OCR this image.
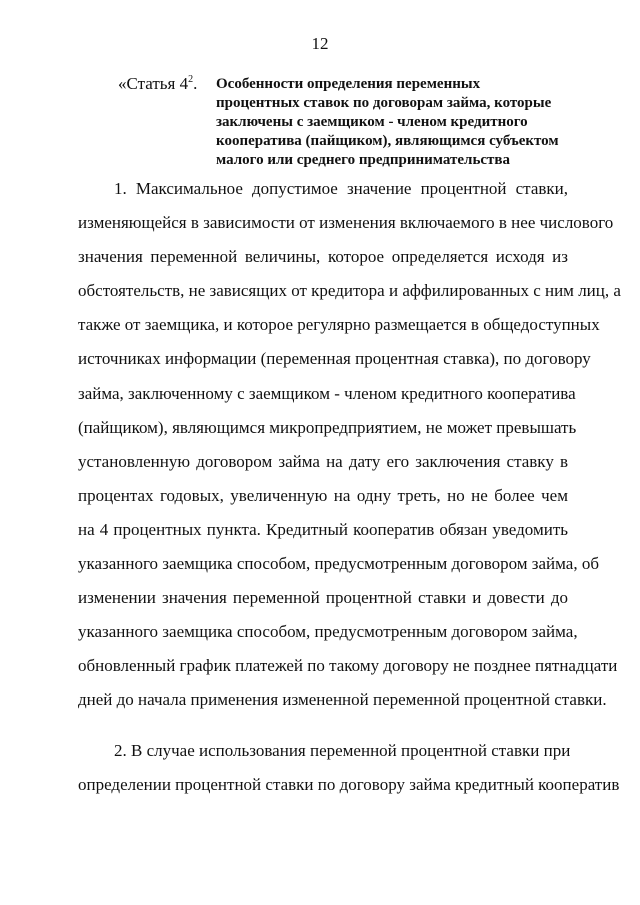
12
«Статья $4^2$. Особенности определения переменных
процентных ставок по договорам займа, которые
заключены с заемщиком - членом кредитного
кооператива (пайщиком), являющимся субъектом
малого или среднего предпринимательства
1. Максимальное допустимое значение процентной ставки,
изменяющейся в зависимости от изменения включаемого в нее числового
значения переменной величины, которое определяется исходя из
обстоятельств, не зависящих от кредитора и аффилированных с ним лиц, а
также от заемщика, и которое регулярно размещается в общедоступных
источниках информации (переменная процентная ставка), по договору
займа, заключенному с заемщиком - членом кредитного кооператива
(пайщиком), являющимся микропредприятием, не может превышать
установленную договором займа на дату его заключения ставку в
процентах годовых, увеличенную на одну треть, но не более чем
на 4 процентных пункта. Кредитный кооператив обязан уведомить
указанного заемщика способом, предусмотренным договором займа, об
изменении значения переменной процентной ставки и довести до
указанного заемщика способом, предусмотренным договором займа,
обновленный график платежей по такому договору не позднее пятнадцати
дней до начала применения измененной переменной процентной ставки.
2. В случае использования переменной процентной ставки при
определении процентной ставки по договору займа кредитный кооператив
